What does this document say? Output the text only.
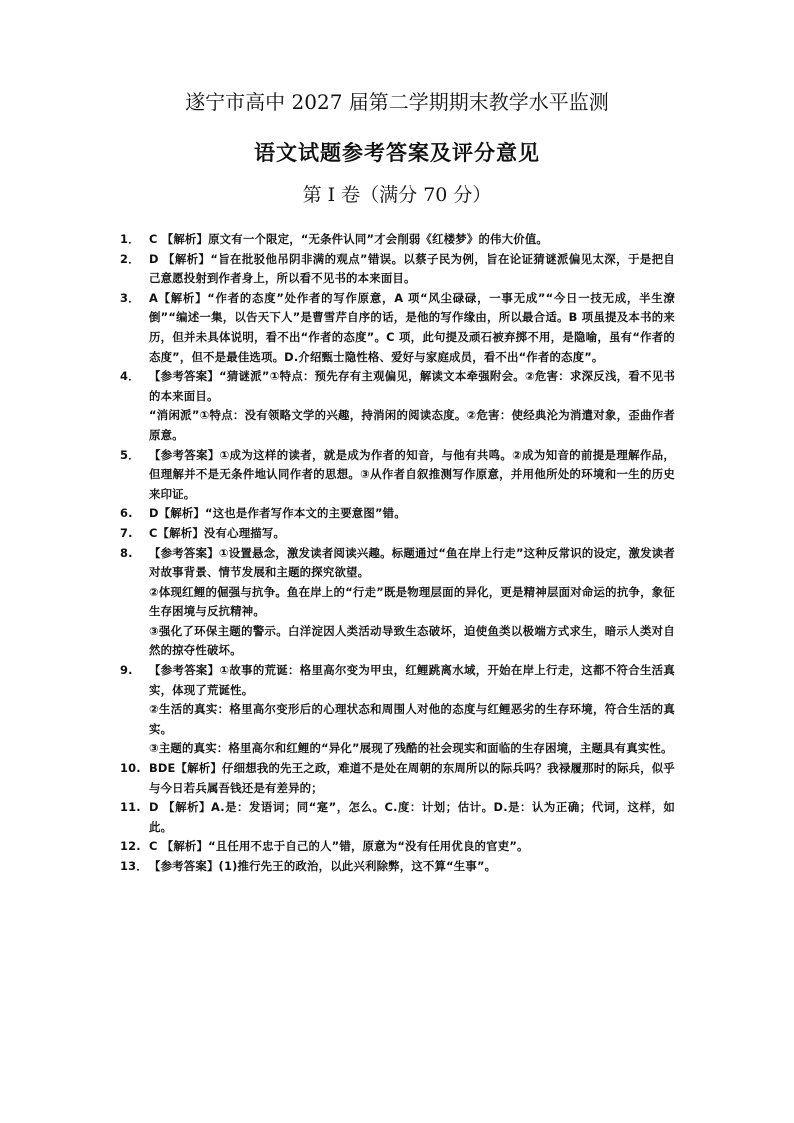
遂宁市高中 2027 届第二学期期末教学水平监测
语文试题参考答案及评分意见
第 Ⅰ 卷（满分 70 分）
1． C 【解析】原文有一个限定，“无条件认同”才会削弱《红楼梦》的伟大价值。

2． D 【解析】“旨在批驳他吊阴非满的观点”错误。以蔡子民为例，旨在论证猜谜派偏见太深，于是把自己意愿投射到作者身上，所以看不见书的本来面目。

3． A【解析】“作者的态度”处作者的写作原意，A 项“风尘碌碌，一事无成”“今日一技无成，半生潦倒”“编述一集，以告天下人”是曹雪芹自序的话，是他的写作缘由，所以最合适。B 项虽提及本书的来历，但并未具体说明，看不出“作者的态度”。C 项，此句提及顽石被弃掷不用，是隐喻，虽有“作者的态度”，但不是最佳选项。D.介绍甄士隐性格、爱好与家庭成员，看不出“作者的态度”。

4． 【参考答案】“猜谜派”①特点：预先存有主观偏见，解读文本牵强附会。②危害：求深反浅，看不见书的本来面目。

“消闲派”①特点：没有领略文学的兴趣，持消闲的阅读态度。②危害：使经典沦为消遣对象，歪曲作者原意。

5． 【参考答案】①成为这样的读者，就是成为作者的知音，与他有共鸣。②成为知音的前提是理解作品，但理解并不是无条件地认同作者的思想。③从作者自叙推测写作原意，并用他所处的环境和一生的历史来印证。

6. D【解析】“这也是作者写作本文的主要意图”错。

7. C【解析】没有心理描写。

8. 【参考答案】①设置悬念，激发读者阅读兴趣。标题通过“鱼在岸上行走”这种反常识的设定，激发读者对故事背景、情节发展和主题的探究欲望。

②体现红鲤的倔强与抗争。鱼在岸上的“行走”既是物理层面的异化，更是精神层面对命运的抗争，象征生存困境与反抗精神。

③强化了环保主题的警示。白洋淀因人类活动导致生态破坏，迫使鱼类以极端方式求生，暗示人类对自然的掠夺性破坏。

9. 【参考答案】①故事的荒诞：格里高尔变为甲虫，红鲤跳离水域，开始在岸上行走，这都不符合生活真实，体现了荒诞性。

②生活的真实：格里高尔变形后的心理状态和周围人对他的态度与红鲤恶劣的生存环境，符合生活的真实。

③主题的真实：格里高尔和红鲤的“异化”展现了残酷的社会现实和面临的生存困境，主题具有真实性。

10. BDE【解析】仔细想我的先王之政，难道不是处在周朝的东周所以的际兵吗？我禄履那时的际兵，似乎与今日若兵属吾钱还是有差异的；

11. D 【解析】A.是：发语词；同“寔”，怎么。C.度：计划；估计。D.是：认为正确；代词，这样，如此。

12. C 【解析】“且任用不忠于自己的人”错，原意为“没有任用优良的官吏”。

13． 【参考答案】(1)推行先王的政治，以此兴利除弊，这不算“生事”。
